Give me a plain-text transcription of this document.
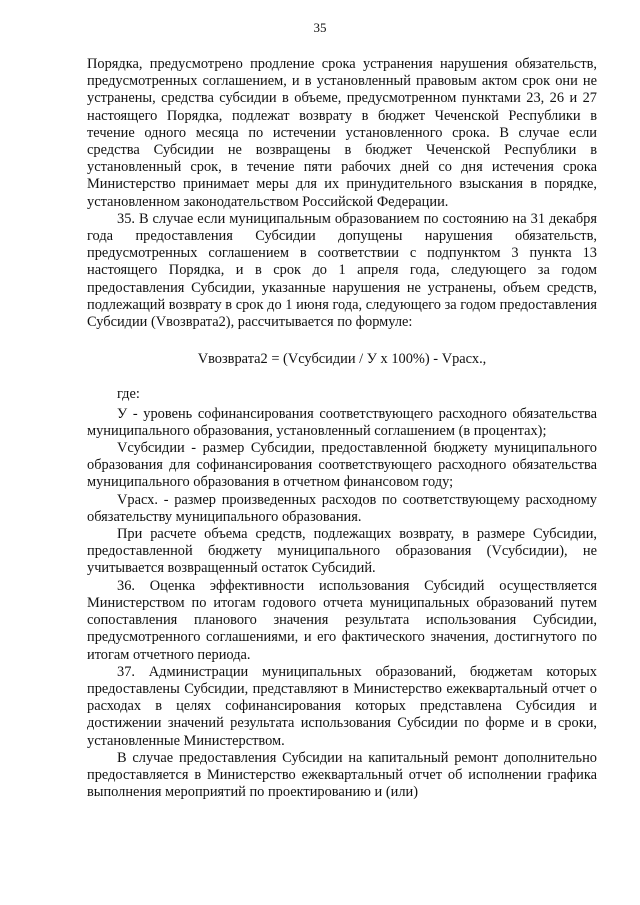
35

Порядка, предусмотрено продление срока устранения нарушения обязательств, предусмотренных соглашением, и в установленный правовым актом срок они не устранены, средства субсидии в объеме, предусмотренном пунктами 23, 26 и 27 настоящего Порядка, подлежат возврату в бюджет Чеченской Республики в течение одного месяца по истечении установленного срока. В случае если средства Субсидии не возвращены в бюджет Чеченской Республики в установленный срок, в течение пяти рабочих дней со дня истечения срока Министерство принимает меры для их принудительного взыскания в порядке, установленном законодательством Российской Федерации.

35. В случае если муниципальным образованием по состоянию на 31 декабря года предоставления Субсидии допущены нарушения обязательств, предусмотренных соглашением в соответствии с подпунктом 3 пункта 13 настоящего Порядка, и в срок до 1 апреля года, следующего за годом предоставления Субсидии, указанные нарушения не устранены, объем средств, подлежащий возврату в срок до 1 июня года, следующего за годом предоставления Субсидии (Vвозврата2), рассчитывается по формуле:

Vвозврата2 = (Vсубсидии / У х 100%) - Vрасх.,

где:

У - уровень софинансирования соответствующего расходного обязательства муниципального образования, установленный соглашением (в процентах);

Vсубсидии - размер Субсидии, предоставленной бюджету муниципального образования для софинансирования соответствующего расходного обязательства муниципального образования в отчетном финансовом году;

Vрасх. - размер произведенных расходов по соответствующему расходному обязательству муниципального образования.

При расчете объема средств, подлежащих возврату, в размере Субсидии, предоставленной бюджету муниципального образования (Vсубсидии), не учитывается возвращенный остаток Субсидий.

36. Оценка эффективности использования Субсидий осуществляется Министерством по итогам годового отчета муниципальных образований путем сопоставления планового значения результата использования Субсидии, предусмотренного соглашениями, и его фактического значения, достигнутого по итогам отчетного периода.

37. Администрации муниципальных образований, бюджетам которых предоставлены Субсидии, представляют в Министерство ежеквартальный отчет о расходах в целях софинансирования которых представлена Субсидия и достижении значений результата использования Субсидии по форме и в сроки, установленные Министерством.

В случае предоставления Субсидии на капитальный ремонт дополнительно предоставляется в Министерство ежеквартальный отчет об исполнении графика выполнения мероприятий по проектированию и (или)
